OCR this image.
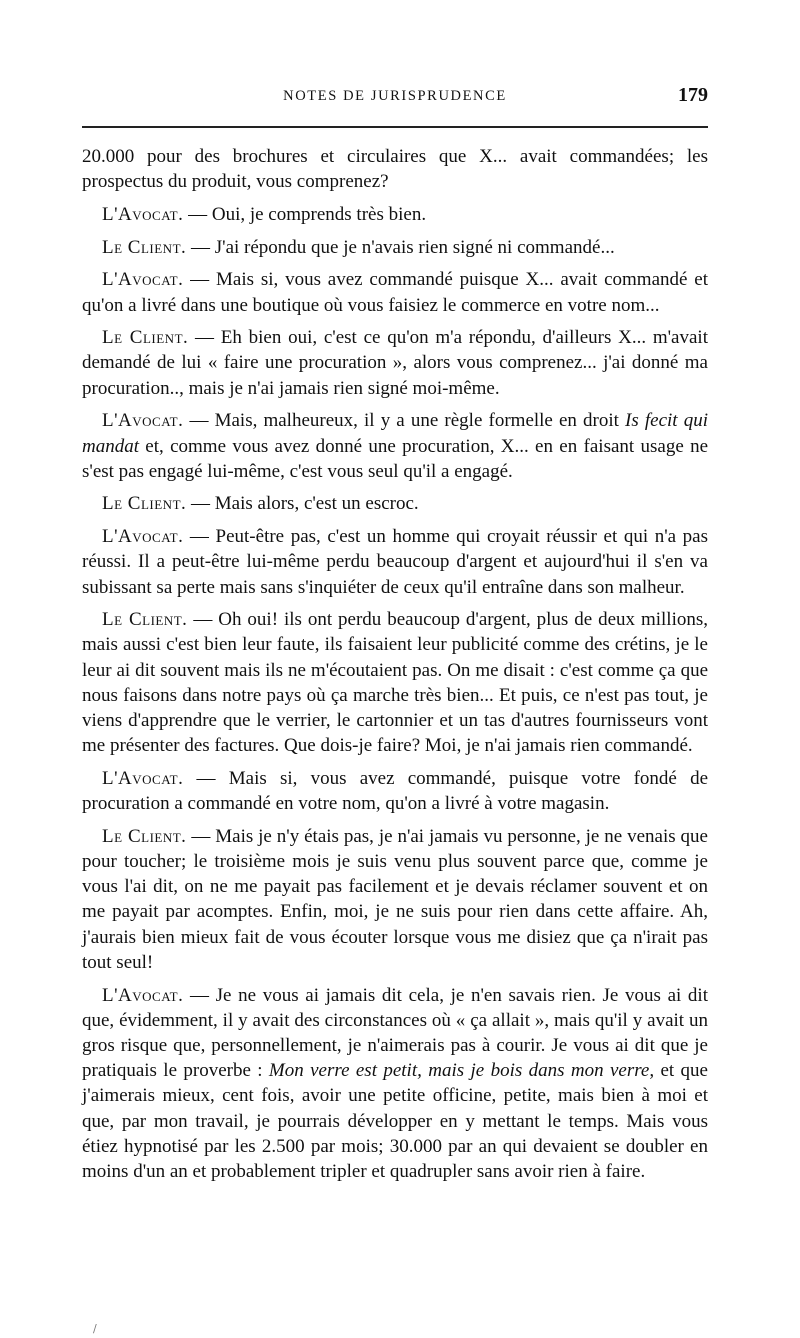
NOTES DE JURISPRUDENCE	179

20.000 pour des brochures et circulaires que X... avait commandées; les prospectus du produit, vous comprenez?

L'Avocat. — Oui, je comprends très bien.

Le Client. — J'ai répondu que je n'avais rien signé ni commandé...

L'Avocat. — Mais si, vous avez commandé puisque X... avait commandé et qu'on a livré dans une boutique où vous faisiez le commerce en votre nom...

Le Client. — Eh bien oui, c'est ce qu'on m'a répondu, d'ailleurs X... m'avait demandé de lui « faire une procuration », alors vous comprenez... j'ai donné ma procuration.., mais je n'ai jamais rien signé moi-même.

L'Avocat. — Mais, malheureux, il y a une règle formelle en droit Is fecit qui mandat et, comme vous avez donné une procuration, X... en en faisant usage ne s'est pas engagé lui-même, c'est vous seul qu'il a engagé.

Le Client. — Mais alors, c'est un escroc.

L'Avocat. — Peut-être pas, c'est un homme qui croyait réussir et qui n'a pas réussi. Il a peut-être lui-même perdu beaucoup d'argent et aujourd'hui il s'en va subissant sa perte mais sans s'inquiéter de ceux qu'il entraîne dans son malheur.

Le Client. — Oh oui! ils ont perdu beaucoup d'argent, plus de deux millions, mais aussi c'est bien leur faute, ils faisaient leur publicité comme des crétins, je le leur ai dit souvent mais ils ne m'écoutaient pas. On me disait : c'est comme ça que nous faisons dans notre pays où ça marche très bien... Et puis, ce n'est pas tout, je viens d'apprendre que le verrier, le cartonnier et un tas d'autres fournisseurs vont me présenter des factures. Que dois-je faire? Moi, je n'ai jamais rien commandé.

L'Avocat. — Mais si, vous avez commandé, puisque votre fondé de procuration a commandé en votre nom, qu'on a livré à votre magasin.

Le Client. — Mais je n'y étais pas, je n'ai jamais vu personne, je ne venais que pour toucher; le troisième mois je suis venu plus souvent parce que, comme je vous l'ai dit, on ne me payait pas facilement et je devais réclamer souvent et on me payait par acomptes. Enfin, moi, je ne suis pour rien dans cette affaire. Ah, j'aurais bien mieux fait de vous écouter lorsque vous me disiez que ça n'irait pas tout seul!

L'Avocat. — Je ne vous ai jamais dit cela, je n'en savais rien. Je vous ai dit que, évidemment, il y avait des circonstances où « ça allait », mais qu'il y avait un gros risque que, personnellement, je n'aimerais pas à courir. Je vous ai dit que je pratiquais le proverbe : Mon verre est petit, mais je bois dans mon verre, et que j'aimerais mieux, cent fois, avoir une petite officine, petite, mais bien à moi et que, par mon travail, je pourrais développer en y mettant le temps. Mais vous étiez hypnotisé par les 2.500 par mois; 30.000 par an qui devaient se doubler en moins d'un an et probablement tripler et quadrupler sans avoir rien à faire.

/
